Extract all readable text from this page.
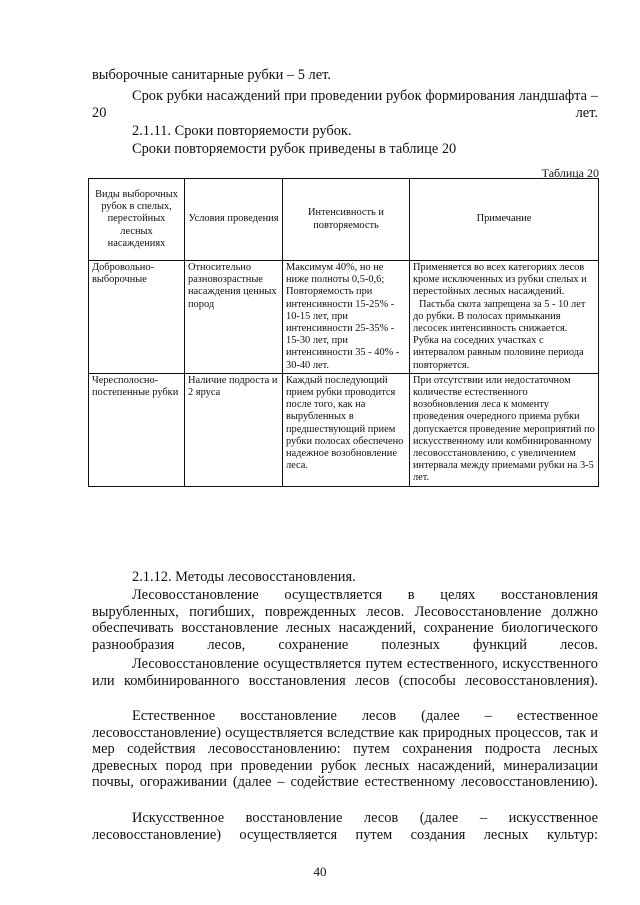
выборочные санитарные рубки – 5 лет.

Срок рубки насаждений при проведении рубок формирования ландшафта – 20 лет.

2.1.11. Сроки повторяемости рубок.

Сроки повторяемости рубок приведены в таблице 20

Таблица 20
Виды выборочных рубок в спелых, перестойных лесных насаждениях	Условия проведения	Интенсивность и повторяемость	Примечание
Добровольно-выборочные	Относительно разновозрастные насаждения ценных пород	Максимум 40%, но не ниже полноты 0,5-0,6; Повторяемость при интенсивности 15-25% - 10-15 лет, при интенсивности 25-35% - 15-30 лет, при интенсивности 35 - 40% - 30-40 лет.	Применяется во всех категориях лесов кроме исключенных из рубки спелых и перестойных лесных насаждений.
Пастьба скота запрещена за 5 - 10 лет до рубки. В полосах примыкания лесосек интенсивность снижается. Рубка на соседних участках с интервалом равным половине периода повторяется.

Чересполосно-постепенные рубки	Наличие подроста и 2 яруса	Каждый последующий прием рубки проводится после того, как на вырубленных в предшествующий прием рубки полосах обеспечено надежное возобновление леса.	При отсутствии или недостаточном количестве естественного возобновления леса к моменту проведения очередного приема рубки допускается проведение мероприятий по искусственному или комбинированному лесовосстановлению, с увеличением интервала между приемами рубки на 3-5 лет.

2.1.12. Методы лесовосстановления.

Лесовосстановление осуществляется в целях восстановления вырубленных, погибших, поврежденных лесов. Лесовосстановление должно обеспечивать восстановление лесных насаждений, сохранение биологического разнообразия лесов, сохранение полезных функций лесов.

Лесовосстановление осуществляется путем естественного, искусственного или комбинированного восстановления лесов (способы лесовосстановления).

Естественное восстановление лесов (далее – естественное лесовосстановление) осуществляется вследствие как природных процессов, так и мер содействия лесовосстановлению: путем сохранения подроста лесных древесных пород при проведении рубок лесных насаждений, минерализации почвы, огораживании (далее – содействие естественному лесовосстановлению).

Искусственное восстановление лесов (далее – искусственное лесовосстановление) осуществляется путем создания лесных культур:

40
